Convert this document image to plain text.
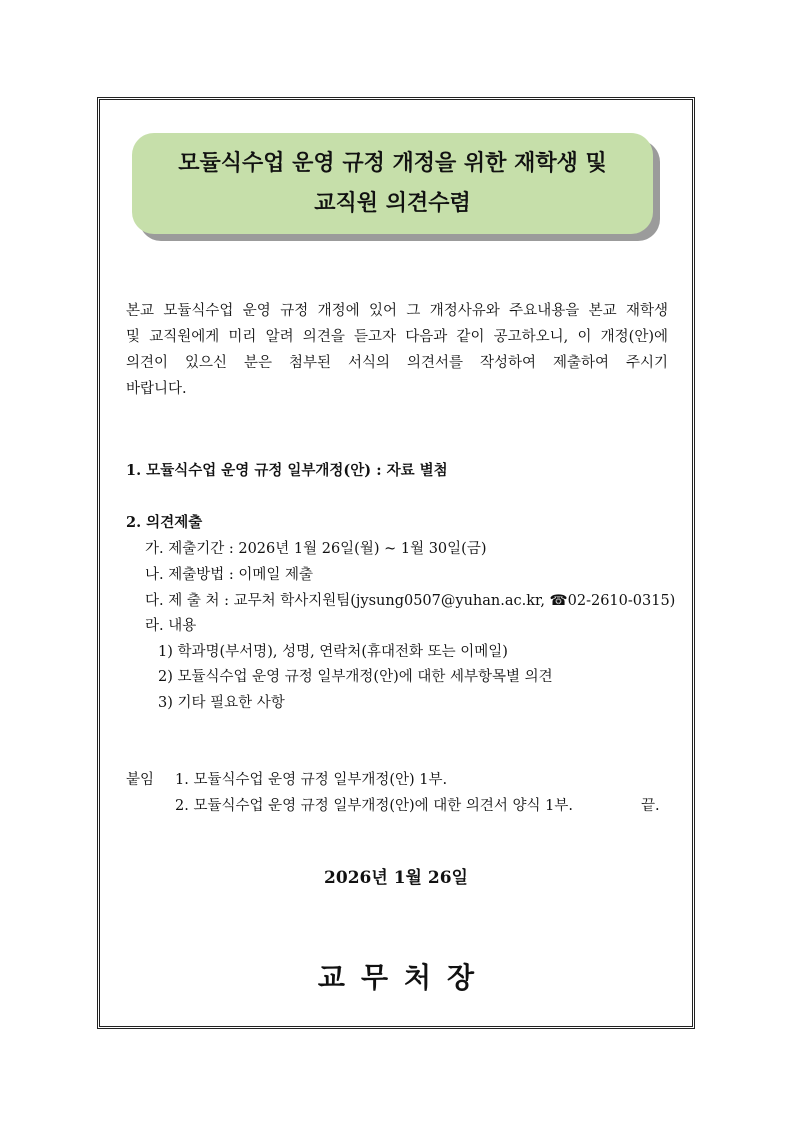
모듈식수업 운영 규정 개정을 위한 재학생 및
교직원 의견수렴
본교 모듈식수업 운영 규정 개정에 있어 그 개정사유와 주요내용을 본교 재학생
및 교직원에게 미리 알려 의견을 듣고자 다음과 같이 공고하오니, 이 개정(안)에
의견이 있으신 분은 첨부된 서식의 의견서를 작성하여 제출하여 주시기
바랍니다.
1. 모듈식수업 운영 규정 일부개정(안) : 자료 별첨
2. 의견제출
가. 제출기간 : 2026년 1월 26일(월) ~ 1월 30일(금)
나. 제출방법 : 이메일 제출
다. 제 출 처 : 교무처 학사지원팀(jysung0507@yuhan.ac.kr, ☎02-2610-0315)
라. 내용
1) 학과명(부서명), 성명, 연락처(휴대전화 또는 이메일)
2) 모듈식수업 운영 규정 일부개정(안)에 대한 세부항목별 의견
3) 기타 필요한 사항
붙임 1. 모듈식수업 운영 규정 일부개정(안) 1부.
2. 모듈식수업 운영 규정 일부개정(안)에 대한 의견서 양식 1부.	끝.
2026년 1월 26일
교무처장
